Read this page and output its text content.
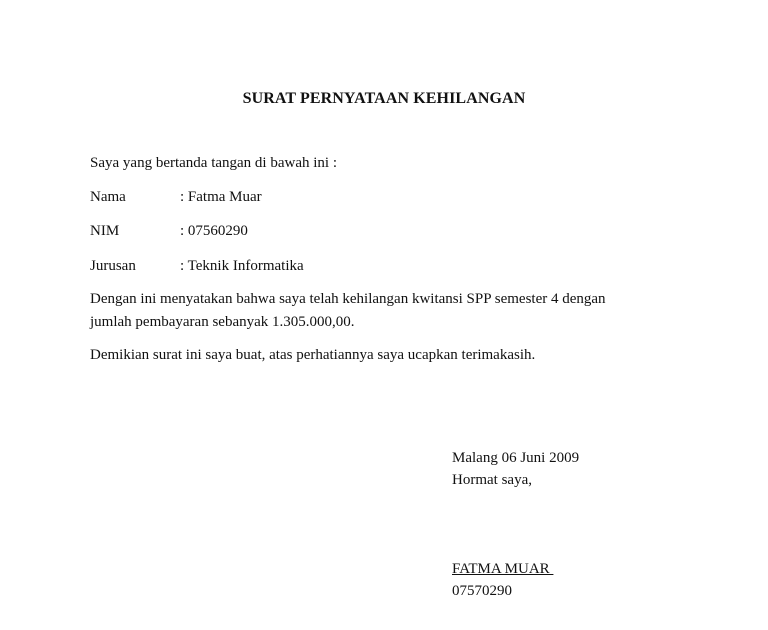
SURAT PERNYATAAN KEHILANGAN
Saya yang bertanda tangan di bawah ini :
Nama	: Fatma Muar
NIM	: 07560290
Jurusan	: Teknik Informatika
Dengan ini menyatakan bahwa saya telah kehilangan kwitansi SPP semester 4 dengan
jumlah pembayaran sebanyak 1.305.000,00.
Demikian surat ini saya buat, atas perhatiannya saya ucapkan terimakasih.
Malang 06 Juni 2009
Hormat saya,
FATMA MUAR
07570290
